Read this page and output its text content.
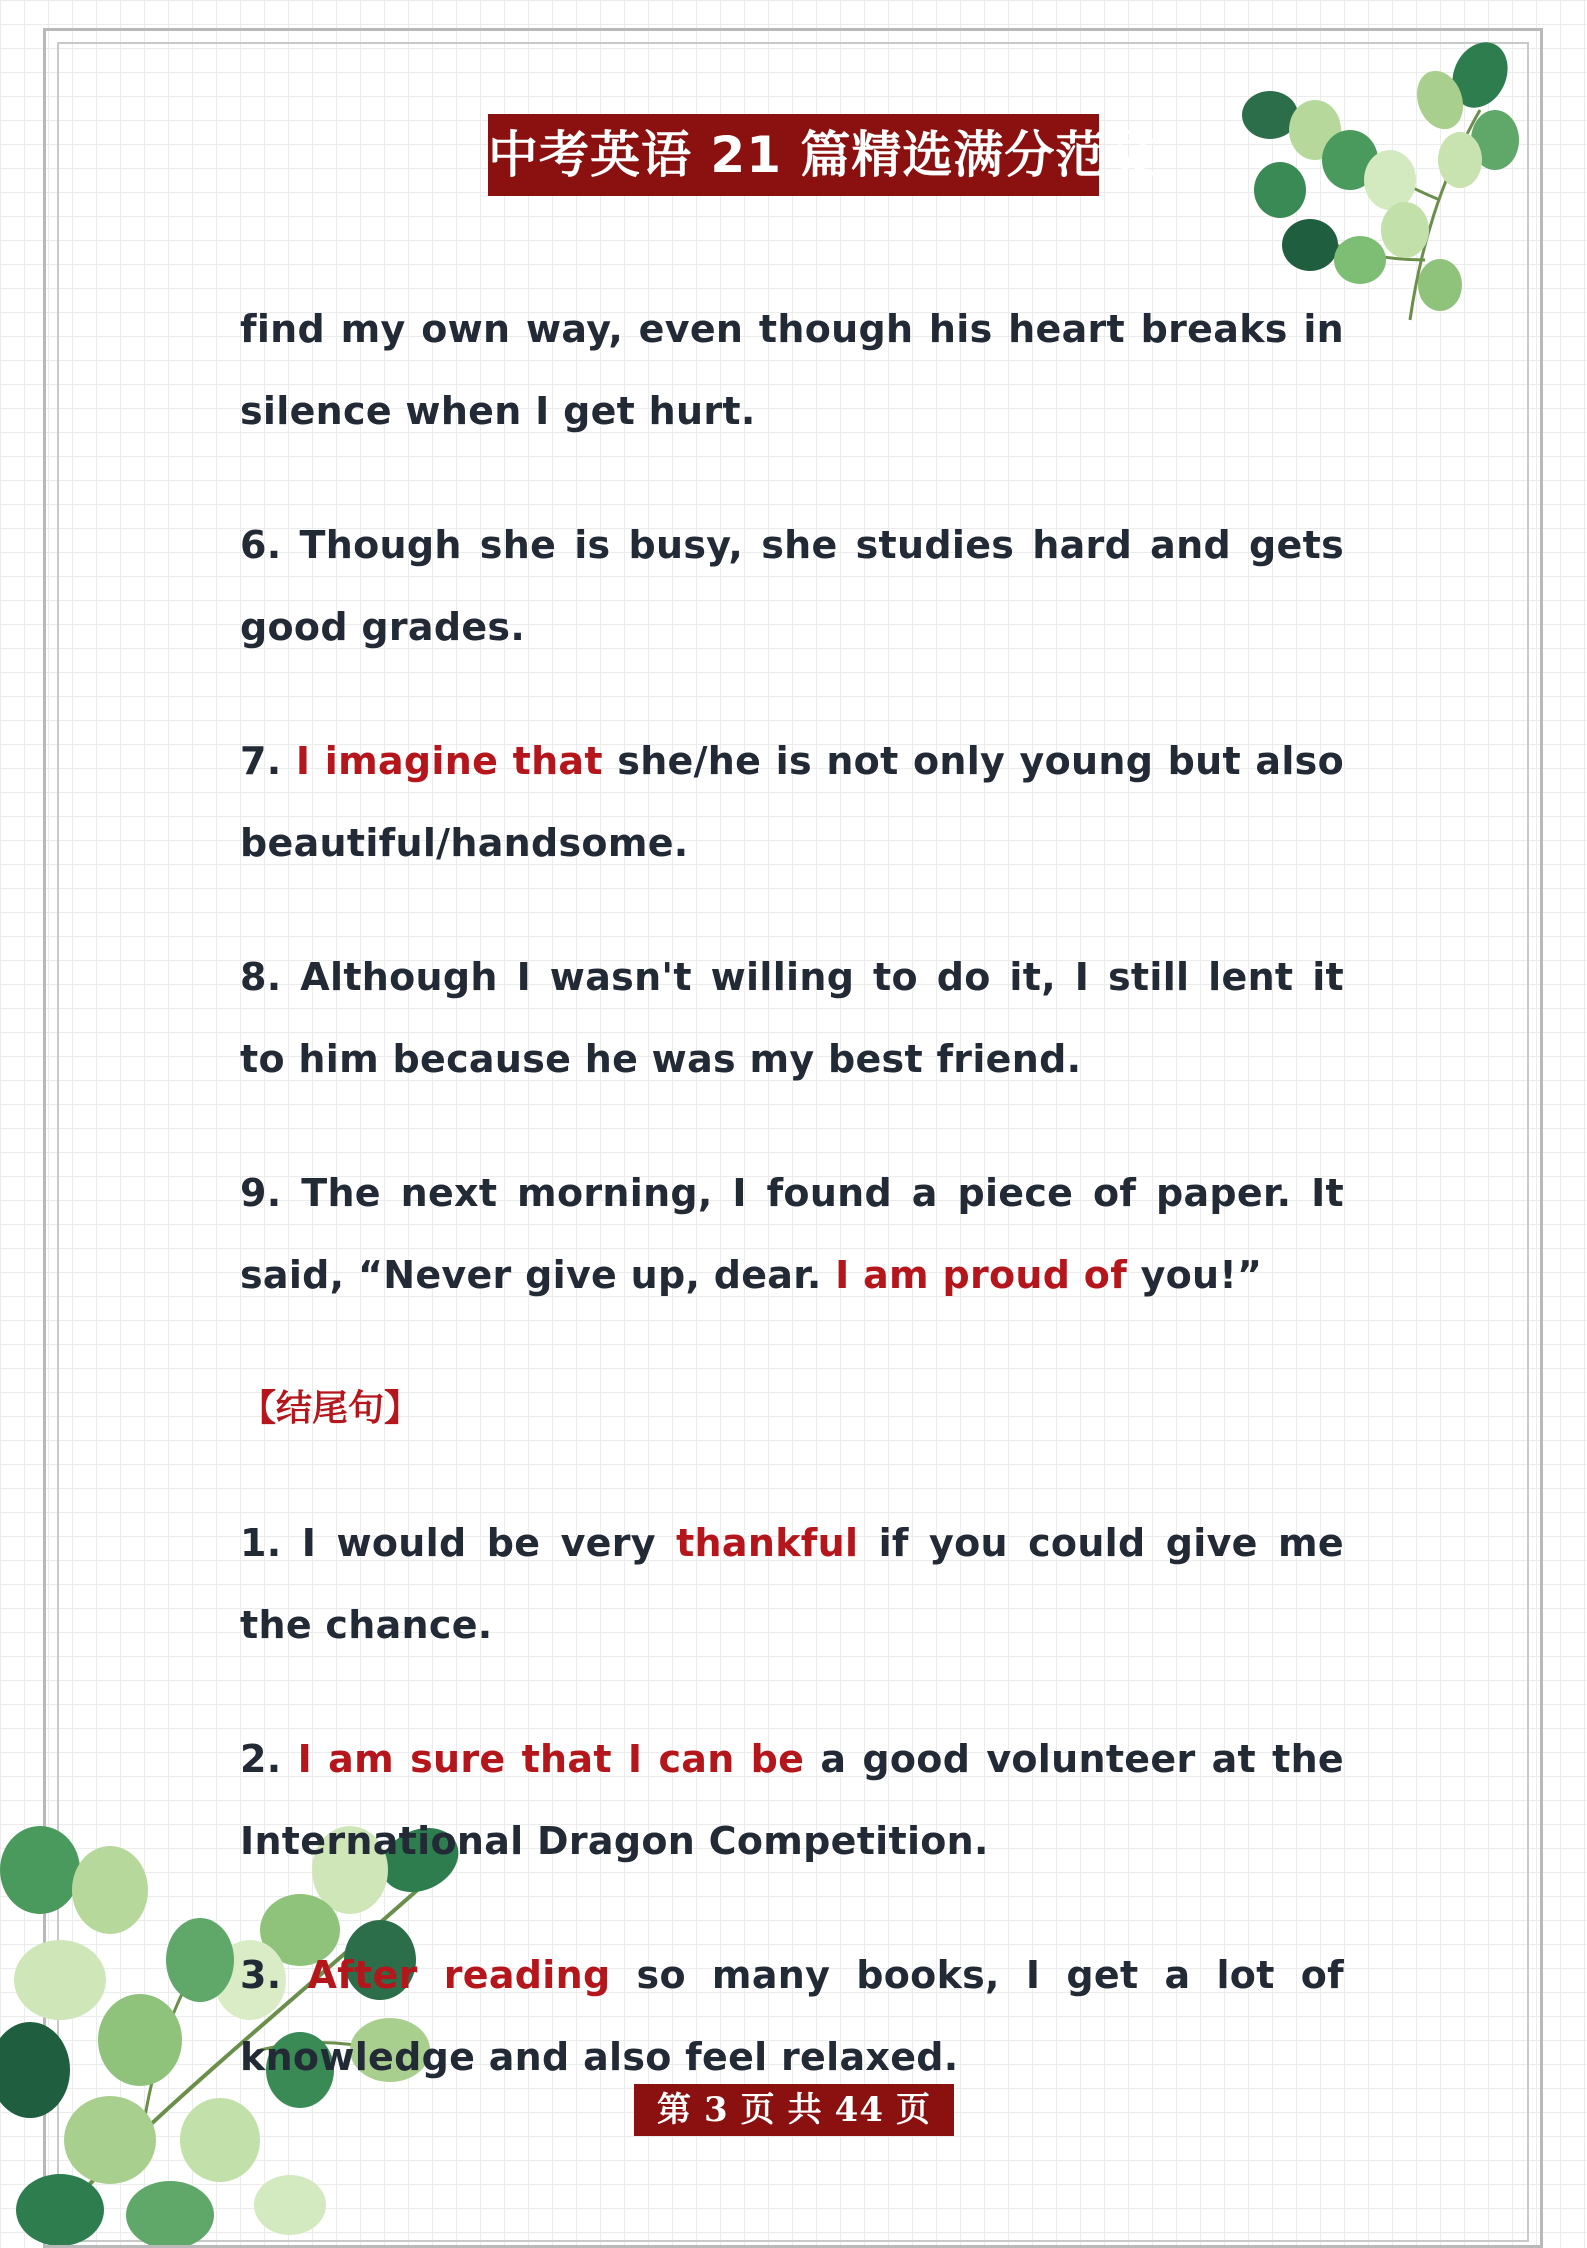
中考英语 21 篇精选满分范文

find my own way, even though his heart breaks in silence when I get hurt.

6. Though she is busy, she studies hard and gets good grades.

7. I imagine that she/he is not only young but also beautiful/handsome.

8. Although I wasn't willing to do it, I still lent it to him because he was my best friend.

9. The next morning, I found a piece of paper. It said, “Never give up, dear. I am proud of you!”

【结尾句】

1. I would be very thankful if you could give me the chance.

2. I am sure that I can be a good volunteer at the International Dragon Competition.

3. After reading so many books, I get a lot of knowledge and also feel relaxed.

第 3 页 共 44 页
